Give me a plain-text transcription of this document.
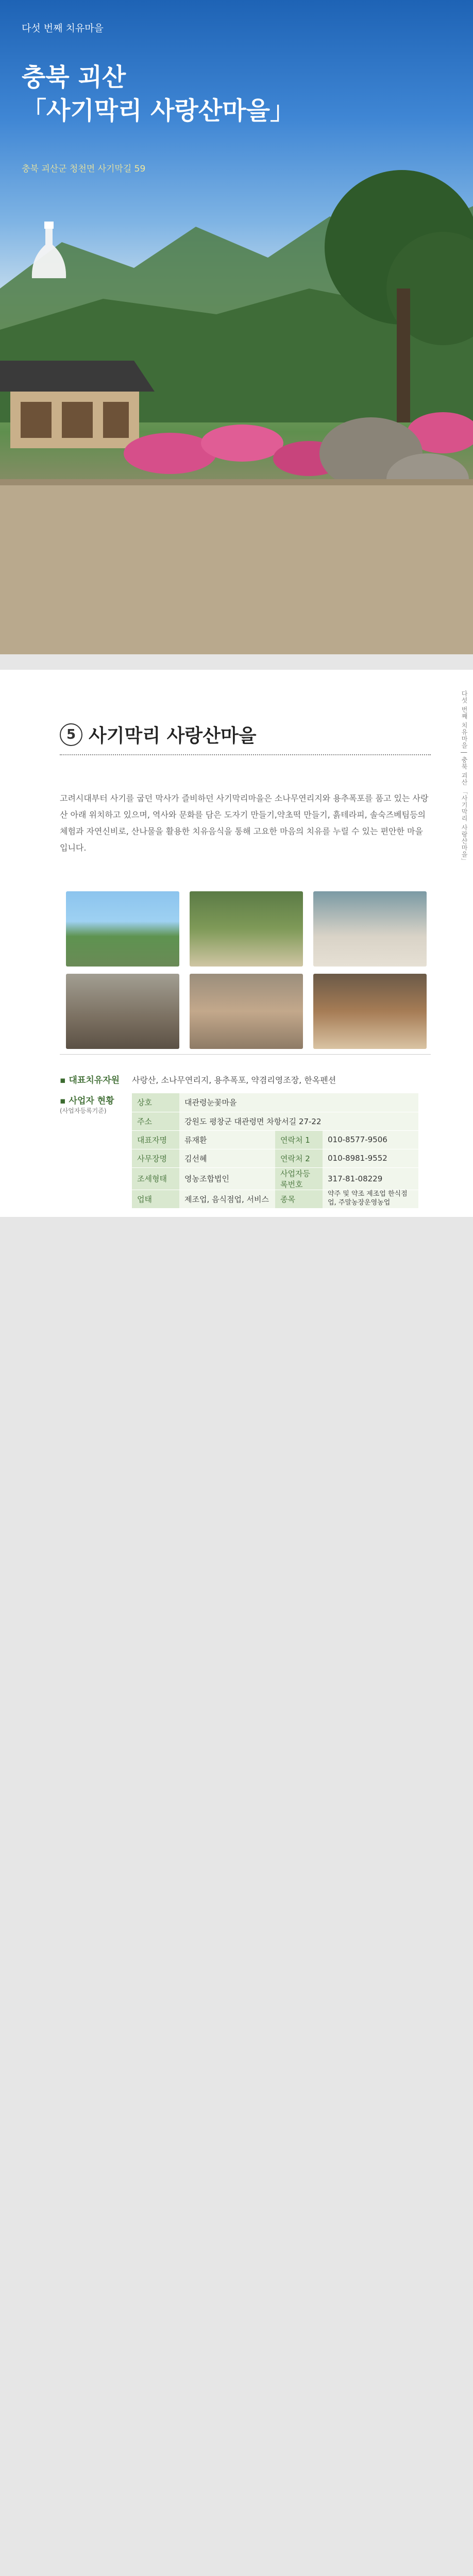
다섯 번째 치유마을
충북 괴산
「사기막리 사랑산마을」
충북 괴산군 청천면 사기막길 59
다섯 번째 치유마을 | 충북 괴산 「사기막리 사랑산마을」
5 사기막리 사랑산마을

고려시대부터 사기를 굽던 막사가 즐비하던 사기막리마을은 소나무연리지와 용추폭포를 품고 있는 사랑산 아래 위치하고 있으며, 역사와 문화를 담은 도자기 만들기,약초떡 만들기, 흙테라피, 솔숙즈베팀등의 체험과 자연신비로, 산나물을 활용한 치유음식을 통해 고요한 마음의 치유를 누릴 수 있는 편안한 마을입니다.

▪ 대표치유자원	사랑산, 소나무연리지, 용추폭포, 약겸리영조장, 한옥펜션
▪ 사업자 현황
(사업자등록기준)
상호	대관령눈꽃마을		
주소	강원도 평창군 대관령면 차항서길 27-22		
대표자명	류재환	연락처 1	010-8577-9506
사무장명	김선혜	연락처 2	010-8981-9552
조세형태	영농조합법인	사업자등록번호	317-81-08229
업태	제조업, 음식점업, 서비스	종목	약주 및 약조 제조업 한식점업, 주말농장운영농업
